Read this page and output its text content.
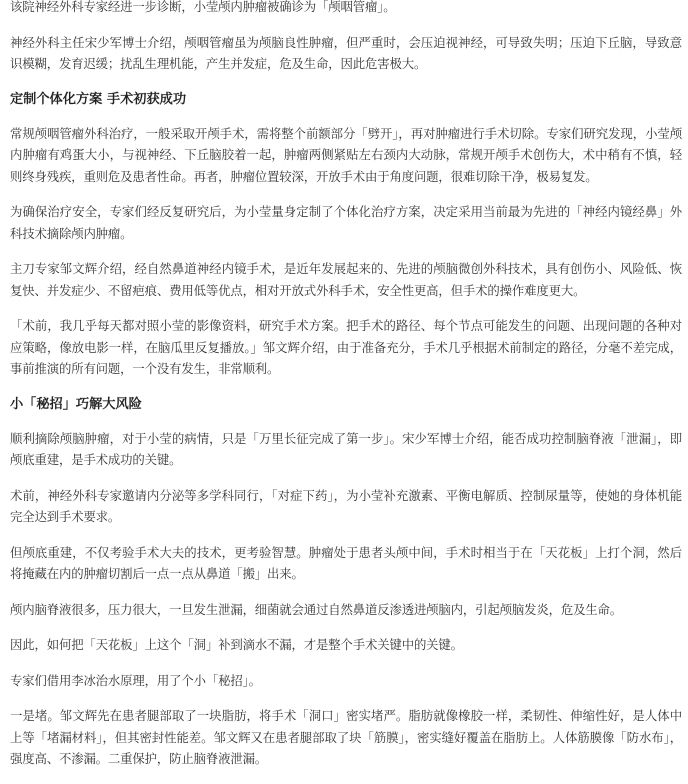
该院神经外科专家经进一步诊断，小莹颅内肿瘤被确诊为「颅咽管瘤」。

神经外科主任宋少军博士介绍，颅咽管瘤虽为颅脑良性肿瘤，但严重时，会压迫视神经，可导致失明；压迫下丘脑，导致意识模糊，发育迟缓；扰乱生理机能，产生并发症，危及生命，因此危害极大。

定制个体化方案 手术初获成功

常规颅咽管瘤外科治疗，一般采取开颅手术，需将整个前额部分「劈开」，再对肿瘤进行手术切除。专家们研究发现，小莹颅内肿瘤有鸡蛋大小，与视神经、下丘脑胶着一起，肿瘤两侧紧贴左右颈内大动脉，常规开颅手术创伤大，术中稍有不慎，轻则终身残疾，重则危及患者性命。再者，肿瘤位置较深，开放手术由于角度问题，很难切除干净，极易复发。

为确保治疗安全，专家们经反复研究后，为小莹量身定制了个体化治疗方案，决定采用当前最为先进的「神经内镜经鼻」外科技术摘除颅内肿瘤。

主刀专家邹文辉介绍，经自然鼻道神经内镜手术，是近年发展起来的、先进的颅脑微创外科技术，具有创伤小、风险低、恢复快、并发症少、不留疤痕、费用低等优点，相对开放式外科手术，安全性更高，但手术的操作难度更大。

「术前，我几乎每天都对照小莹的影像资料，研究手术方案。把手术的路径、每个节点可能发生的问题、出现问题的各种对应策略，像放电影一样，在脑瓜里反复播放。」邹文辉介绍，由于准备充分，手术几乎根据术前制定的路径，分毫不差完成，事前推演的所有问题，一个没有发生，非常顺利。

小「秘招」巧解大风险

顺利摘除颅脑肿瘤，对于小莹的病情，只是「万里长征完成了第一步」。宋少军博士介绍，能否成功控制脑脊液「泄漏」，即颅底重建，是手术成功的关键。

术前，神经外科专家邀请内分泌等多学科同行，「对症下药」，为小莹补充激素、平衡电解质、控制尿量等，使她的身体机能完全达到手术要求。

但颅底重建，不仅考验手术大夫的技术，更考验智慧。肿瘤处于患者头颅中间，手术时相当于在「天花板」上打个洞，然后将掩藏在内的肿瘤切割后一点一点从鼻道「搬」出来。

颅内脑脊液很多，压力很大，一旦发生泄漏，细菌就会通过自然鼻道反渗透进颅脑内，引起颅脑发炎，危及生命。

因此，如何把「天花板」上这个「洞」补到滴水不漏，才是整个手术关键中的关键。

专家们借用李冰治水原理，用了个小「秘招」。

一是堵。邹文辉先在患者腿部取了一块脂肪，将手术「洞口」密实堵严。脂肪就像橡胶一样，柔韧性、伸缩性好，是人体中上等「堵漏材料」，但其密封性能差。邹文辉又在患者腿部取了块「筋膜」，密实缝好覆盖在脂肪上。人体筋膜像「防水布」，强度高、不渗漏。二重保护，防止脑脊液泄漏。
